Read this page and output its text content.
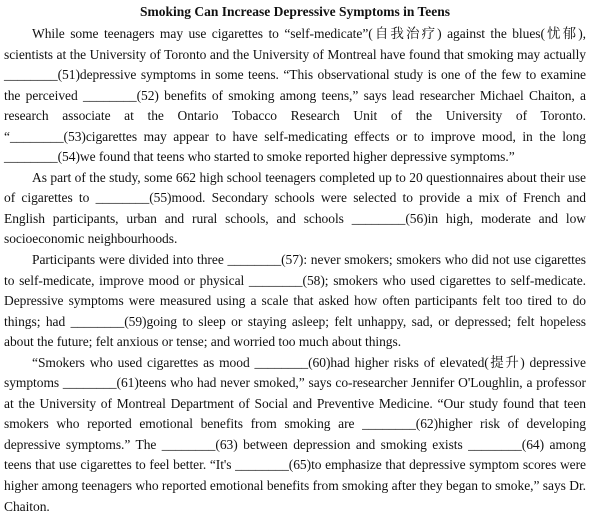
Smoking Can Increase Depressive Symptoms in Teens

While some teenagers may use cigarettes to “self-medicate”(自我治疗) against the blues(忧郁), scientists at the University of Toronto and the University of Montreal have found that smoking may actually ________(51)depressive symptoms in some teens. “This observational study is one of the few to examine the perceived ________(52) benefits of smoking among teens,” says lead researcher Michael Chaiton, a research associate at the Ontario Tobacco Research Unit of the University of Toronto. “________(53)cigarettes may appear to have self-medicating effects or to improve mood, in the long ________(54)we found that teens who started to smoke reported higher depressive symptoms.”

As part of the study, some 662 high school teenagers completed up to 20 questionnaires about their use of cigarettes to ________(55)mood. Secondary schools were selected to provide a mix of French and English participants, urban and rural schools, and schools ________(56)in high, moderate and low socioeconomic neighbourhoods.

Participants were divided into three ________(57): never smokers; smokers who did not use cigarettes to self-medicate, improve mood or physical ________(58); smokers who used cigarettes to self-medicate. Depressive symptoms were measured using a scale that asked how often participants felt too tired to do things; had ________(59)going to sleep or staying asleep; felt unhappy, sad, or depressed; felt hopeless about the future; felt anxious or tense; and worried too much about things.

“Smokers who used cigarettes as mood ________(60)had higher risks of elevated(提升) depressive symptoms ________(61)teens who had never smoked,” says co-researcher Jennifer O'Loughlin, a professor at the University of Montreal Department of Social and Preventive Medicine. “Our study found that teen smokers who reported emotional benefits from smoking are ________(62)higher risk of developing depressive symptoms.” The ________(63) between depression and smoking exists ________(64) among teens that use cigarettes to feel better. “It's ________(65)to emphasize that depressive symptom scores were higher among teenagers who reported emotional benefits from smoking after they began to smoke,” says Dr. Chaiton.
